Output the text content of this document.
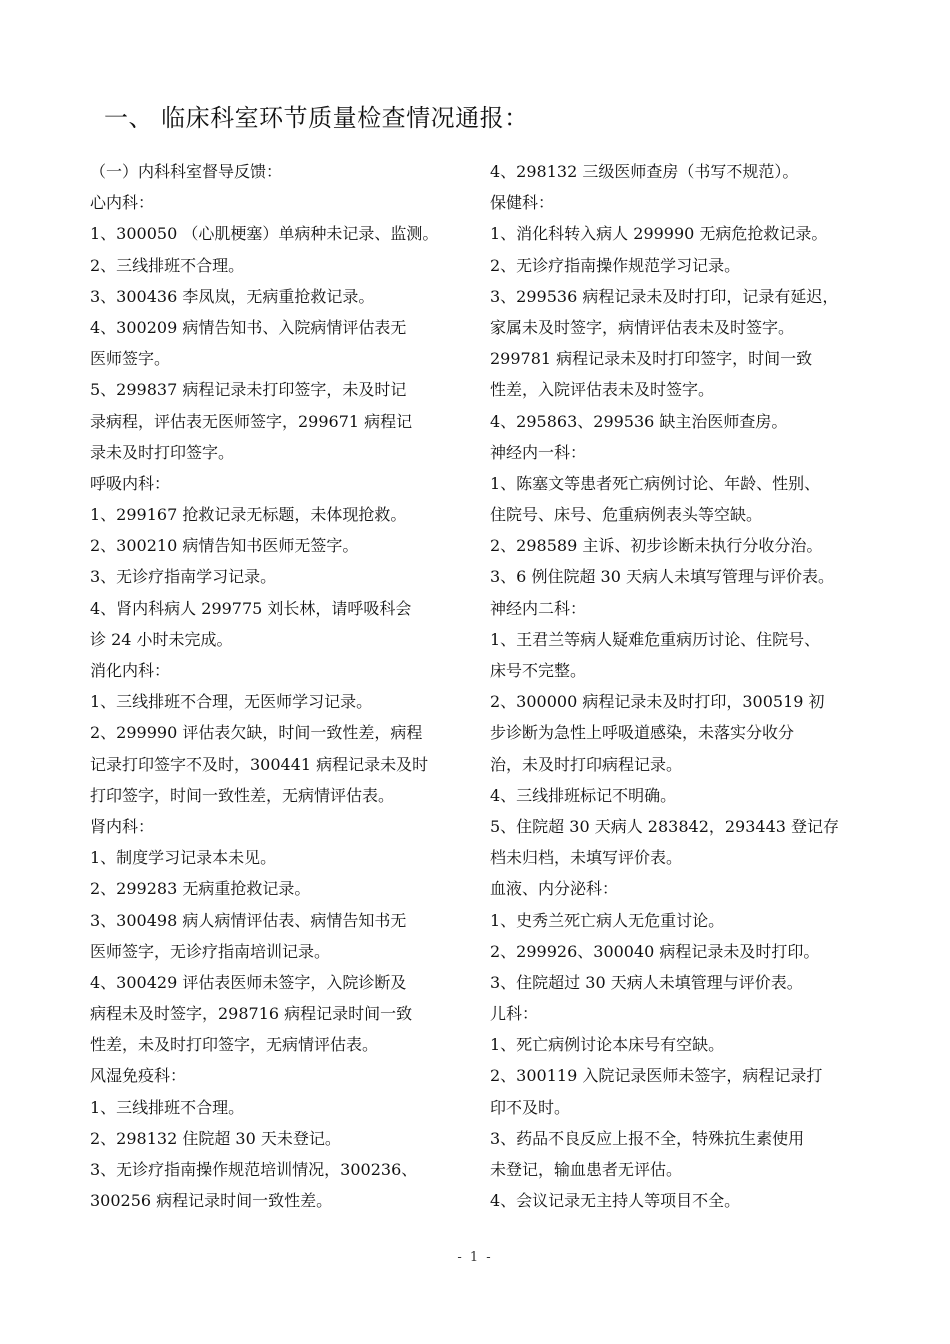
一、 临床科室环节质量检查情况通报：
（一）内科科室督导反馈：
心内科：
1、300050 （心肌梗塞）单病种未记录、监测。
2、三线排班不合理。
3、300436 李凤岚，无病重抢救记录。
4、300209 病情告知书、入院病情评估表无
医师签字。
5、299837 病程记录未打印签字，未及时记
录病程，评估表无医师签字，299671 病程记
录未及时打印签字。
呼吸内科：
1、299167 抢救记录无标题，未体现抢救。
2、300210 病情告知书医师无签字。
3、无诊疗指南学习记录。
4、肾内科病人 299775 刘长林，请呼吸科会
诊 24 小时未完成。
消化内科：
1、三线排班不合理，无医师学习记录。
2、299990 评估表欠缺，时间一致性差，病程
记录打印签字不及时，300441 病程记录未及时
打印签字，时间一致性差，无病情评估表。
肾内科：
1、制度学习记录本未见。
2、299283 无病重抢救记录。
3、300498 病人病情评估表、病情告知书无
医师签字，无诊疗指南培训记录。
4、300429 评估表医师未签字，入院诊断及
病程未及时签字，298716 病程记录时间一致
性差，未及时打印签字，无病情评估表。
风湿免疫科：
1、三线排班不合理。
2、298132 住院超 30 天未登记。
3、无诊疗指南操作规范培训情况，300236、
300256 病程记录时间一致性差。
4、298132 三级医师查房（书写不规范）。
保健科：
1、消化科转入病人 299990 无病危抢救记录。
2、无诊疗指南操作规范学习记录。
3、299536 病程记录未及时打印，记录有延迟，
家属未及时签字，病情评估表未及时签字。
299781 病程记录未及时打印签字，时间一致
性差，入院评估表未及时签字。
4、295863、299536 缺主治医师查房。
神经内一科：
1、陈塞文等患者死亡病例讨论、年龄、性别、
住院号、床号、危重病例表头等空缺。
2、298589 主诉、初步诊断未执行分收分治。
3、6 例住院超 30 天病人未填写管理与评价表。
神经内二科：
1、王君兰等病人疑难危重病历讨论、住院号、
床号不完整。
2、300000 病程记录未及时打印，300519 初
步诊断为急性上呼吸道感染，未落实分收分
治，未及时打印病程记录。
4、三线排班标记不明确。
5、住院超 30 天病人 283842，293443 登记存
档未归档，未填写评价表。
血液、内分泌科：
1、史秀兰死亡病人无危重讨论。
2、299926、300040 病程记录未及时打印。
3、住院超过 30 天病人未填管理与评价表。
儿科：
1、死亡病例讨论本床号有空缺。
2、300119 入院记录医师未签字，病程记录打
印不及时。
3、药品不良反应上报不全，特殊抗生素使用
未登记，输血患者无评估。
4、会议记录无主持人等项目不全。
- 1 -
